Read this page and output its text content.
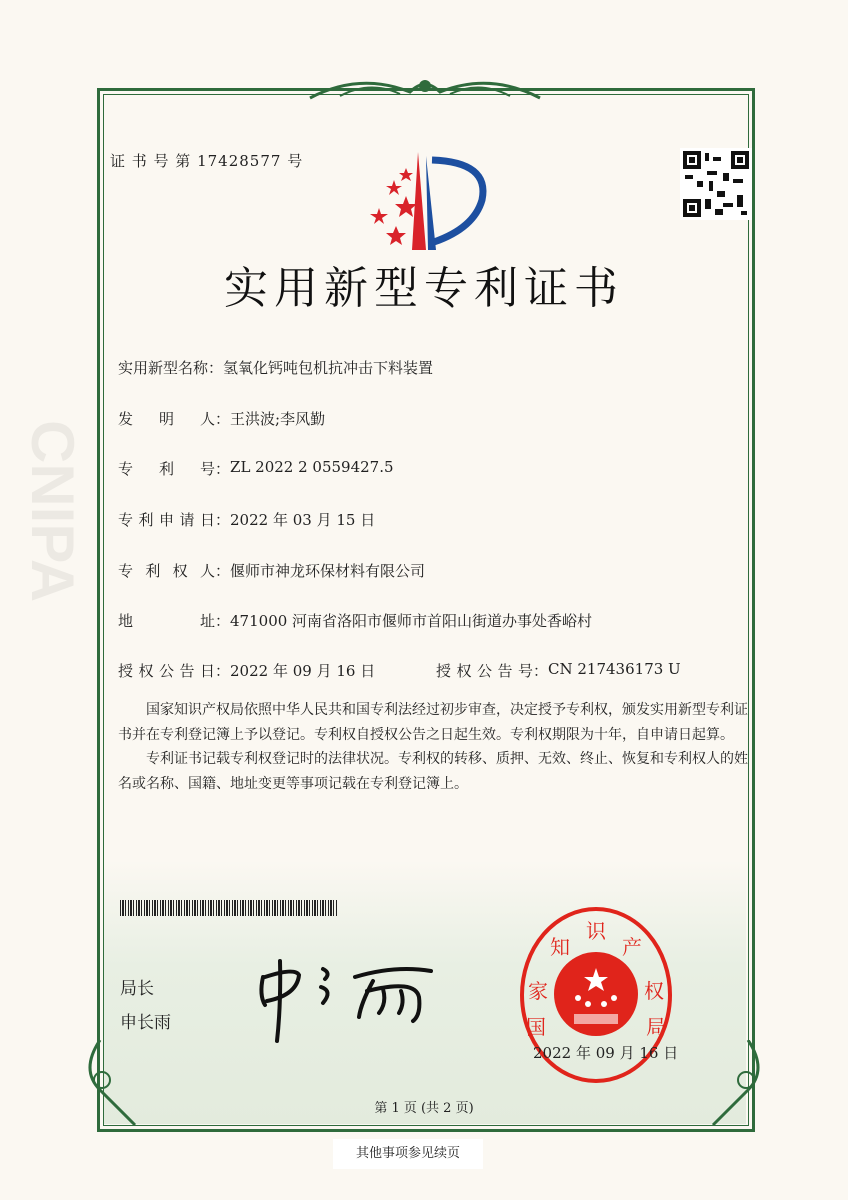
CNIPA
证 书 号 第 17428577 号
实用新型专利证书
实用新型名称 ： 氢氧化钙吨包机抗冲击下料装置
发明人 ： 王洪波;李风勤
专利号 ： ZL 2022 2 0559427.5
专利申请日 ： 2022 年 03 月 15 日
专利权人 ： 偃师市神龙环保材料有限公司
地址 ： 471000 河南省洛阳市偃师市首阳山街道办事处香峪村
授权公告日 ： 2022 年 09 月 16 日	授权公告号 ： CN 217436173 U

国家知识产权局依照中华人民共和国专利法经过初步审查，决定授予专利权，颁发实用新型专利证书并在专利登记簿上予以登记。专利权自授权公告之日起生效。专利权期限为十年，自申请日起算。

专利证书记载专利权登记时的法律状况。专利权的转移、质押、无效、终止、恢复和专利权人的姓名或名称、国籍、地址变更等事项记载在专利登记簿上。

局长
申长雨	国
家
知
识
产
权
局
2022 年 09 月 16 日
第 1 页 (共 2 页)
其他事项参见续页
